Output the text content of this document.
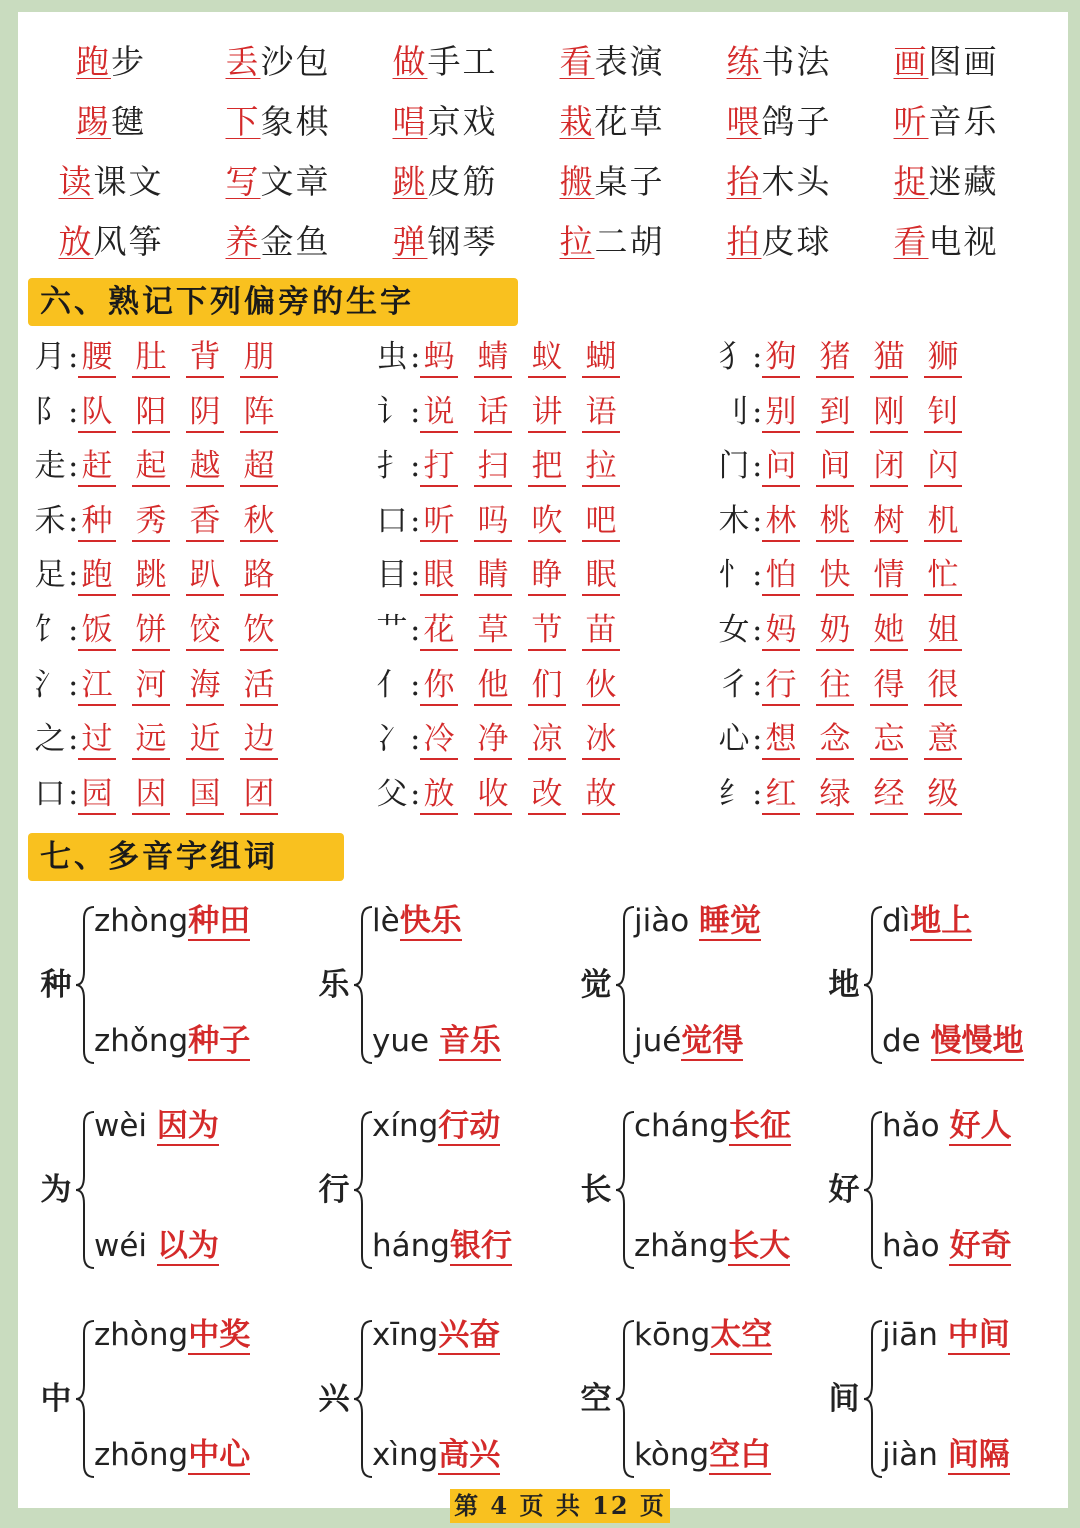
跑步	丢沙包	做手工	看表演	练书法	画图画
踢毽	下象棋	唱京戏	栽花草	喂鸽子	听音乐
读课文	写文章	跳皮筋	搬桌子	抬木头	捉迷藏
放风筝	养金鱼	弹钢琴	拉二胡	拍皮球	看电视
六、熟记下列偏旁的生字
月:腰 肚 背 朋
阝:队 阳 阴 阵
走:赶 起 越 超
禾:种 秀 香 秋
足:跑 跳 趴 路
饣:饭 饼 饺 饮
氵:江 河 海 活
之:过 远 近 边
口:园 因 国 团
虫:蚂 蜻 蚁 蝴
讠:说 话 讲 语
扌:打 扫 把 拉
口:听 吗 吹 吧
目:眼 睛 睁 眠
艹:花 草 节 苗
亻:你 他 们 伙
冫:冷 净 凉 冰
父:放 收 改 故
犭:狗 猪 猫 狮
刂:别 到 刚 钊
门:问 间 闭 闪
木:林 桃 树 机
忄:怕 快 情 忙
女:妈 奶 她 姐
彳:行 往 得 很
心:想 念 忘 意
纟:红 绿 经 级
七、多音字组词
种
zhòng种田
zhǒng种子
乐
lè快乐
yue 音乐
觉
jiào 睡觉
jué觉得
地
dì地上
de 慢慢地
为
wèi 因为
wéi 以为
行
xíng行动
háng银行
长
cháng长征
zhǎng长大
好
hǎo 好人
hào 好奇
中
zhòng中奖
zhōng中心
兴
xīng兴奋
xìng高兴
空
kōng太空
kòng空白
间
jiān 中间
jiàn 间隔
第 4 页 共 12 页
